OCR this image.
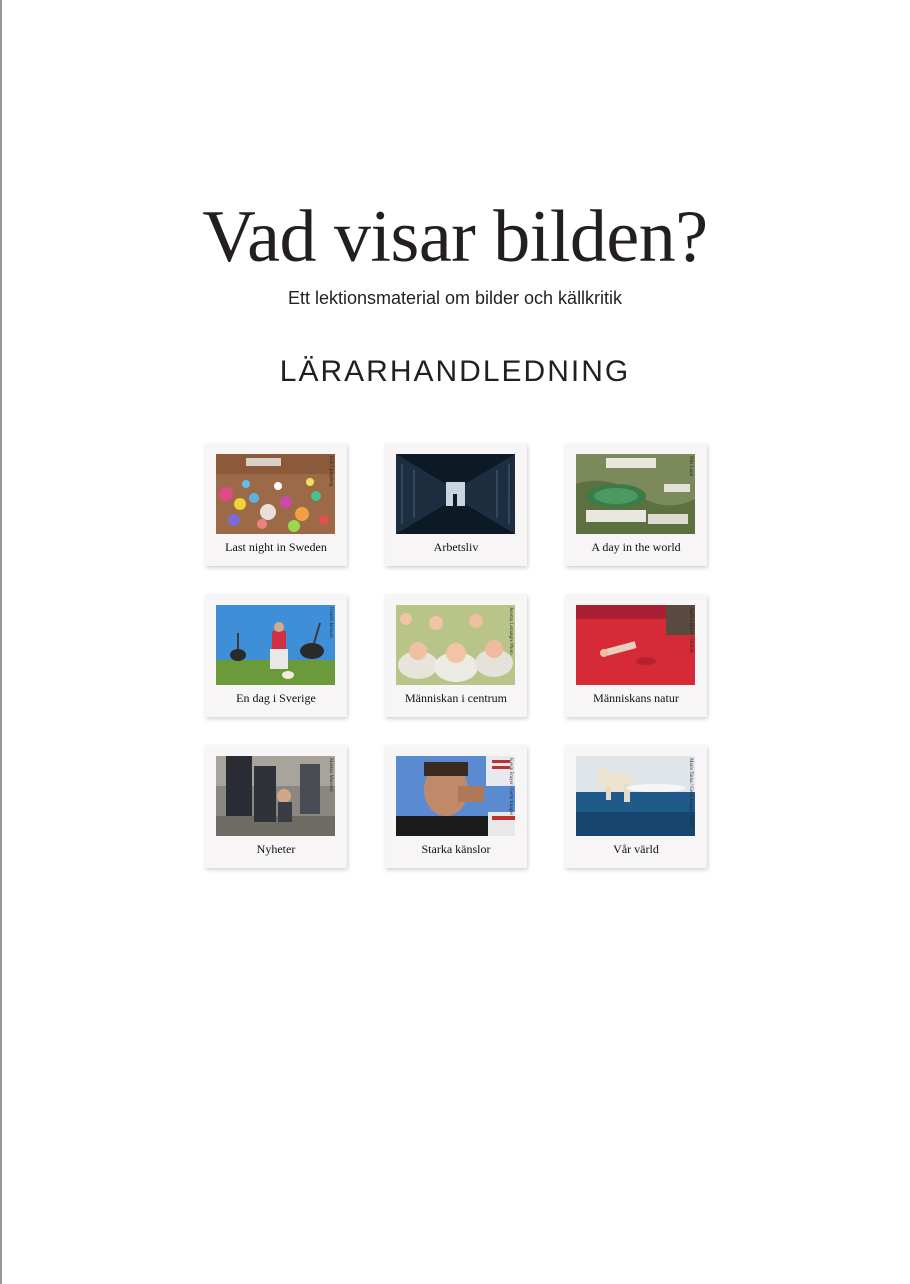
Vad visar bilden?
Ett lektionsmaterial om bilder och källkritik
LÄRARHANDLEDNING
Erik Ljungberg
Last night in Sweden
Jonathan Näckstrand / AFP
Arbetsliv
Nils Lund
A day in the world
Henrik Jansson
En dag i Sverige
Jeremy Lemaigre Photo
Människan i centrum
Andrea Bruce / NOOR
Människans natur
Markus Marcetic
Nyheter
Kevin Frayer / Getty Images
Starka känslor
Mario Tama / Getty Images / AFP
Vår värld
